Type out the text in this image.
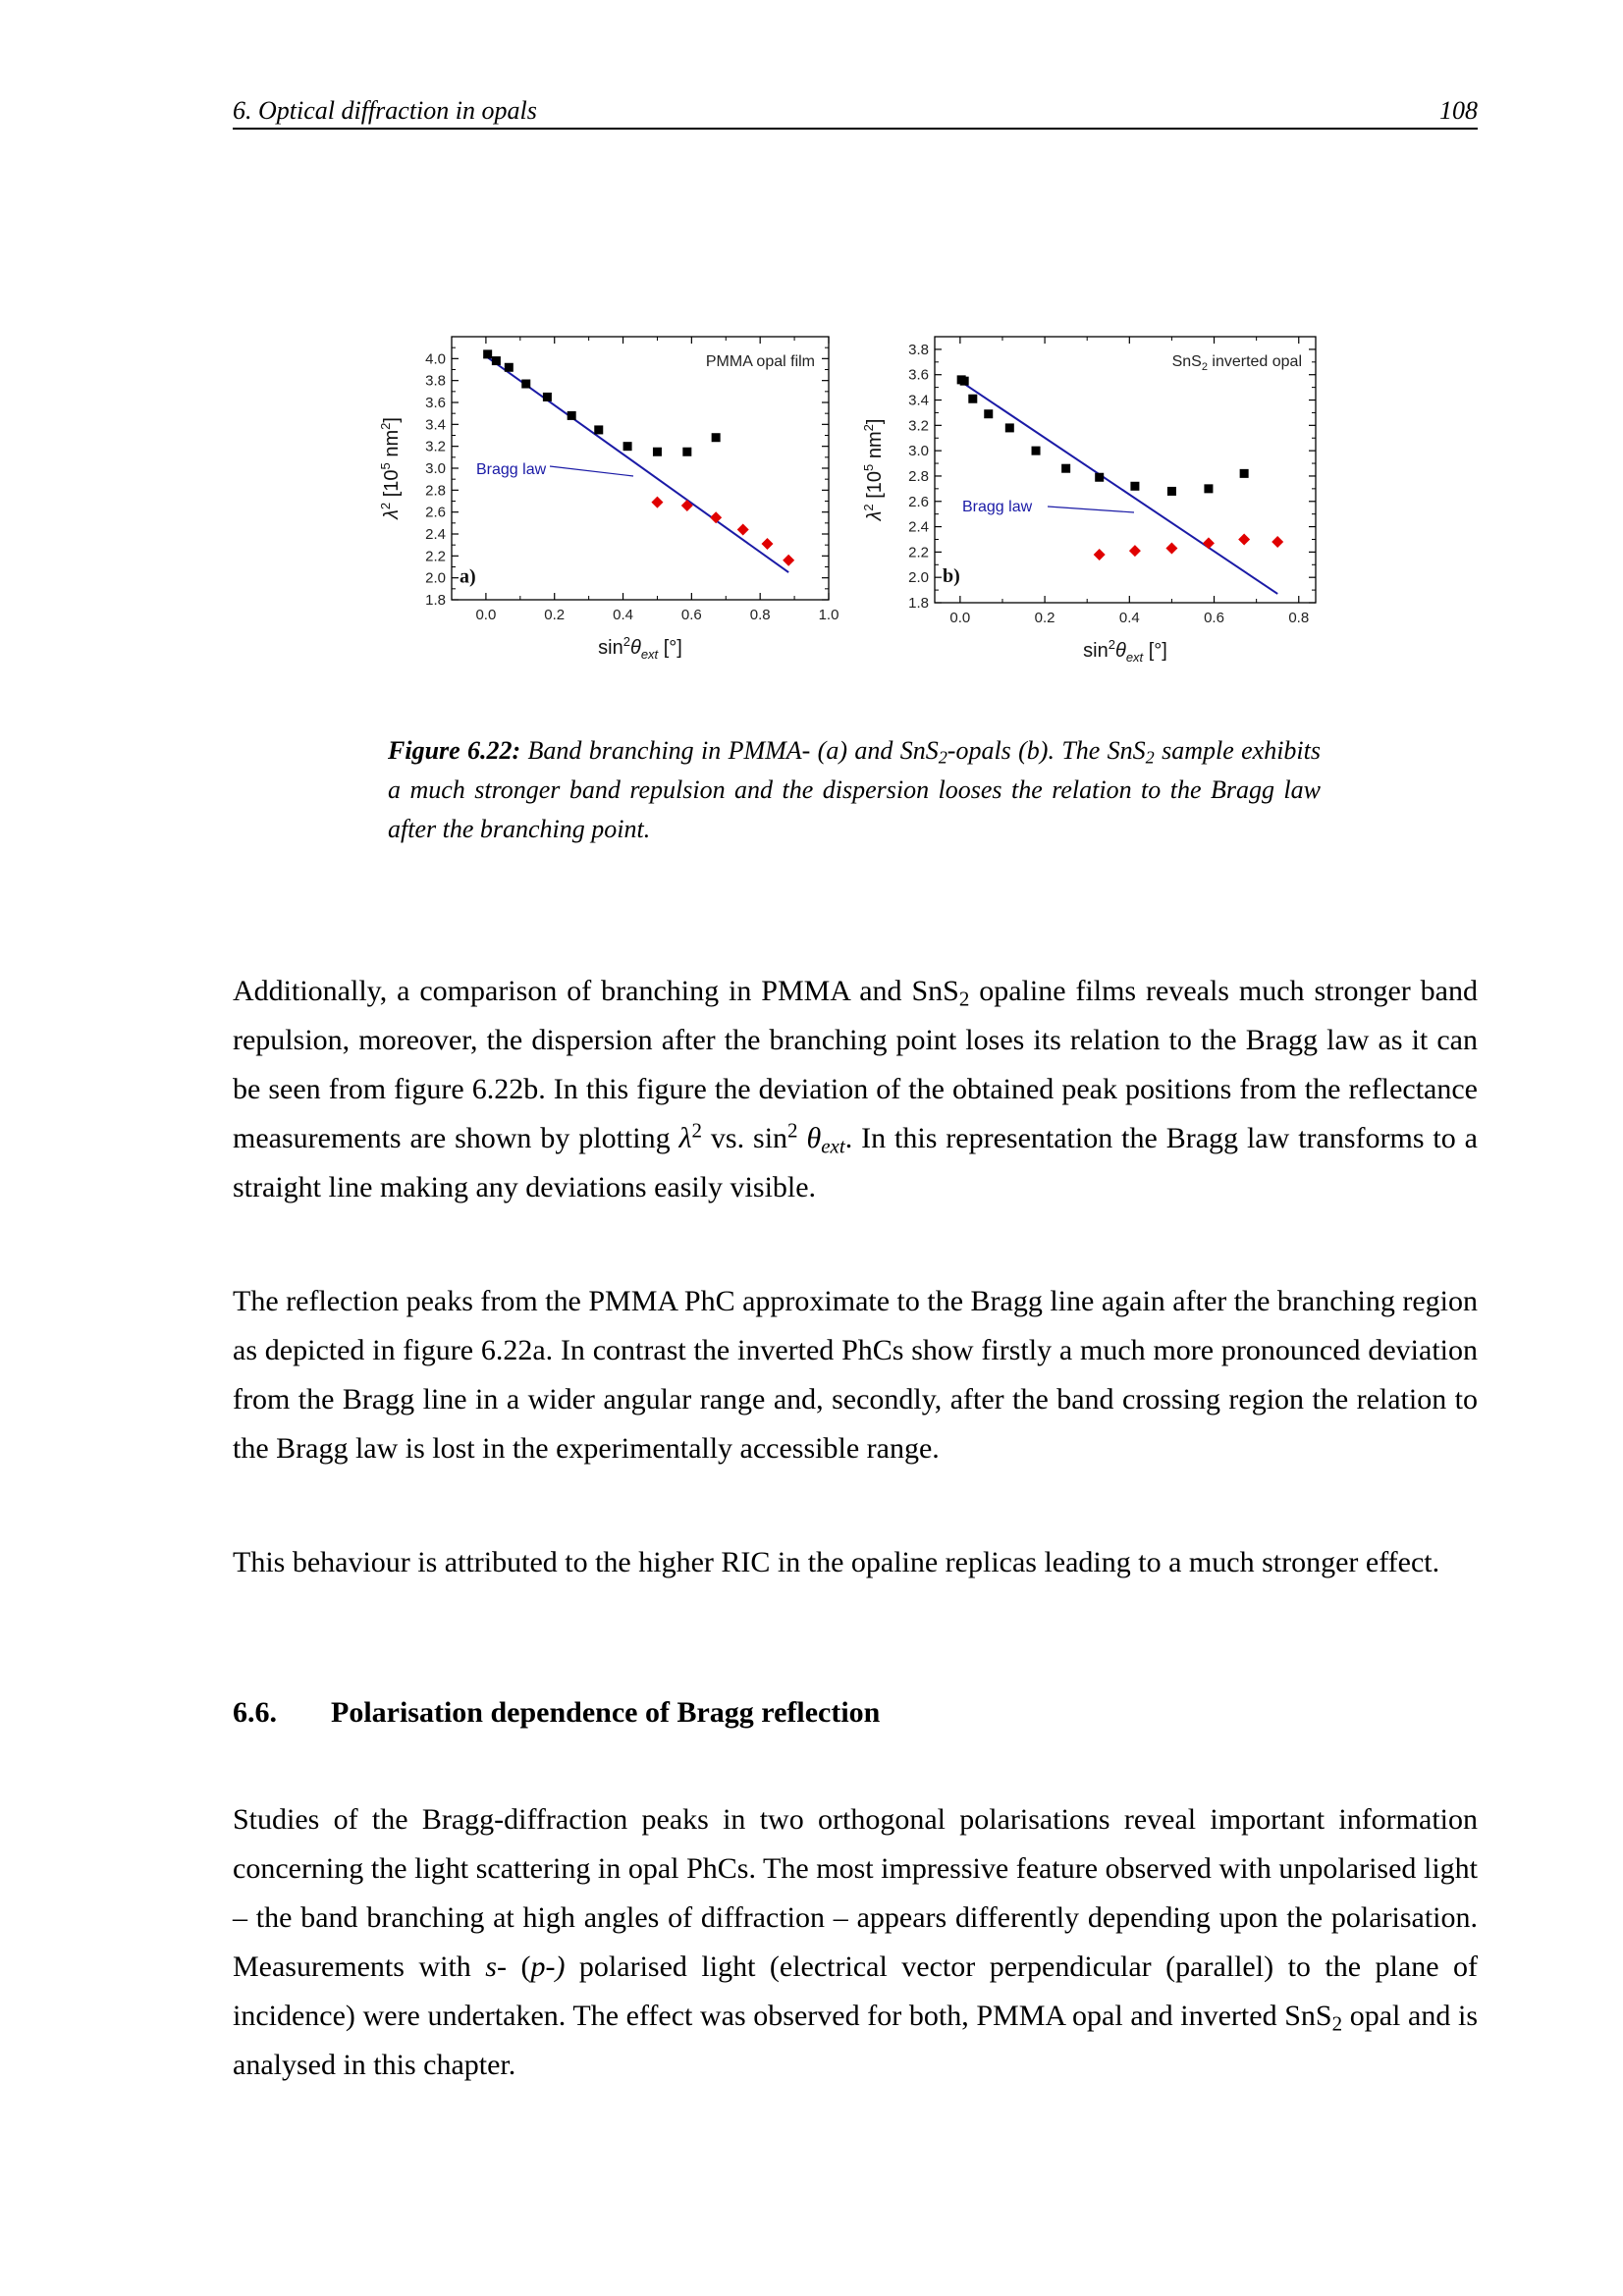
6. Optical diffraction in opals	108
1.8
2.0
2.2
2.4
2.6
2.8
3.0
3.2
3.4
3.6
3.8
4.0
0.0	0.2	0.4	0.6	0.8	1.0
Bragg law
PMMA opal film
a)
$\sin^2\theta_{ext}$ [°]
$\lambda^2$ [$10^5$ $nm^2$]
1.8
2.0
2.2
2.4
2.6
2.8
3.0
3.2
3.4
3.6
3.8
0.0	0.2	0.4	0.6	0.8
Bragg law
SnS$_2$ inverted opal
b)
$\sin^2\theta_{ext}$ [°]
$\lambda^2$ [$10^5$ $nm^2$]
Figure 6.22: Band branching in PMMA- (a) and SnS$_2$-opals (b). The SnS$_2$ sample exhibits a much stronger band repulsion and the dispersion looses the relation to the Bragg law after the branching point.

Additionally, a comparison of branching in PMMA and SnS$_2$ opaline films reveals much stronger band repulsion, moreover, the dispersion after the branching point loses its relation to the Bragg law as it can be seen from figure 6.22b. In this figure the deviation of the obtained peak positions from the reflectance measurements are shown by plotting $\lambda^2$ vs. $\sin^2 \theta_{ext}$. In this representation the Bragg law transforms to a straight line making any deviations easily visible.

The reflection peaks from the PMMA PhC approximate to the Bragg line again after the branching region as depicted in figure 6.22a. In contrast the inverted PhCs show firstly a much more pronounced deviation from the Bragg line in a wider angular range and, secondly, after the band crossing region the relation to the Bragg law is lost in the experimentally accessible range.

This behaviour is attributed to the higher RIC in the opaline replicas leading to a much stronger effect.

6.6. Polarisation dependence of Bragg reflection

Studies of the Bragg-diffraction peaks in two orthogonal polarisations reveal important information concerning the light scattering in opal PhCs. The most impressive feature observed with unpolarised light – the band branching at high angles of diffraction – appears differently depending upon the polarisation. Measurements with s- (p-) polarised light (electrical vector perpendicular (parallel) to the plane of incidence) were undertaken. The effect was observed for both, PMMA opal and inverted SnS$_2$ opal and is analysed in this chapter.
